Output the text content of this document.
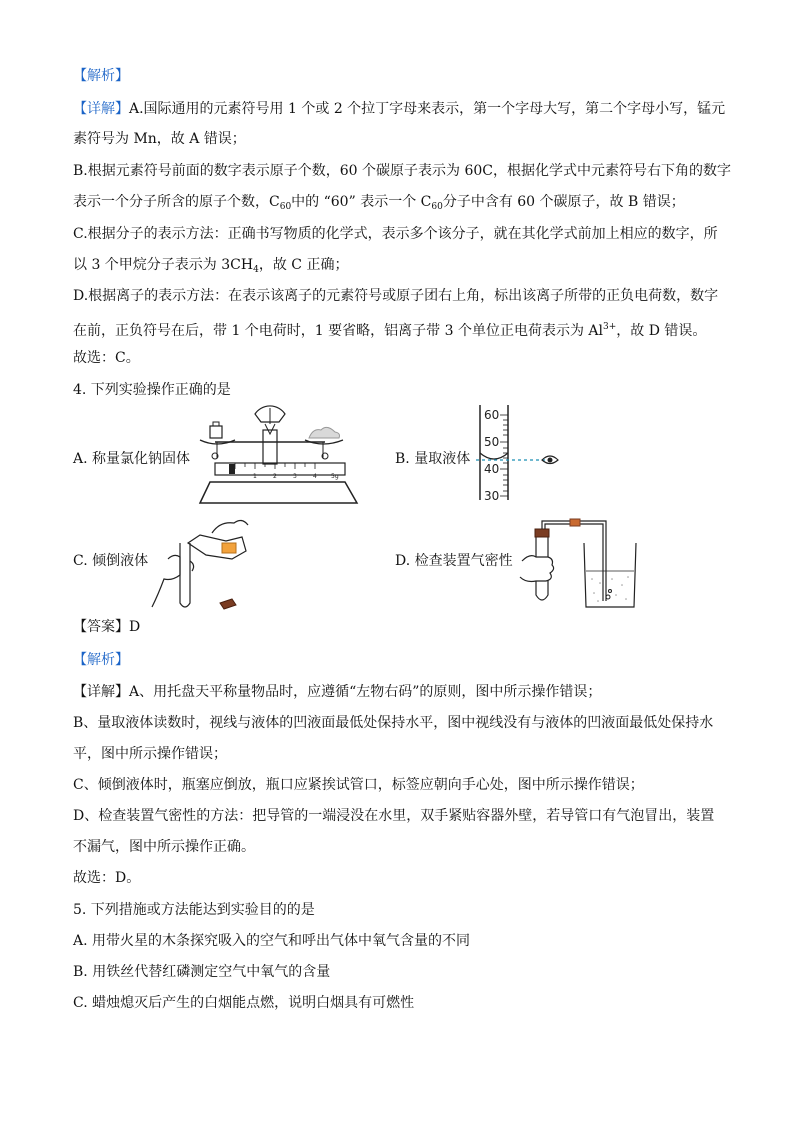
【解析】
【详解】A.国际通用的元素符号用 1 个或 2 个拉丁字母来表示，第一个字母大写，第二个字母小写，锰元
素符号为 Mn，故 A 错误；
B.根据元素符号前面的数字表示原子个数，60 个碳原子表示为 60C，根据化学式中元素符号右下角的数字
表示一个分子所含的原子个数，$C_{60}$中的 “60” 表示一个 $C_{60}$分子中含有 60 个碳原子，故 B 错误；
C.根据分子的表示方法：正确书写物质的化学式，表示多个该分子，就在其化学式前加上相应的数字，所
以 3 个甲烷分子表示为 $3CH_4$，故 C 正确；
D.根据离子的表示方法：在表示该离子的元素符号或原子团右上角，标出该离子所带的正负电荷数，数字
在前，正负符号在后，带 1 个电荷时，1 要省略，铝离子带 3 个单位正电荷表示为 $Al^{3+}$，故 D 错误。
故选：C。
4. 下列实验操作正确的是
A. 称量氯化钠固体	B. 量取液体
C. 倾倒液体	D. 检查装置气密性
1	2	3	4 5g
60
50
40
30
【答案】D
【解析】
【详解】A、用托盘天平称量物品时，应遵循“左物右码”的原则，图中所示操作错误；
B、量取液体读数时，视线与液体的凹液面最低处保持水平，图中视线没有与液体的凹液面最低处保持水
平，图中所示操作错误；
C、倾倒液体时，瓶塞应倒放，瓶口应紧挨试管口，标签应朝向手心处，图中所示操作错误；
D、检查装置气密性的方法：把导管的一端浸没在水里，双手紧贴容器外壁，若导管口有气泡冒出，装置
不漏气，图中所示操作正确。
故选：D。
5. 下列措施或方法能达到实验目的的是
A. 用带火星的木条探究吸入的空气和呼出气体中氧气含量的不同
B. 用铁丝代替红磷测定空气中氧气的含量
C. 蜡烛熄灭后产生的白烟能点燃，说明白烟具有可燃性
